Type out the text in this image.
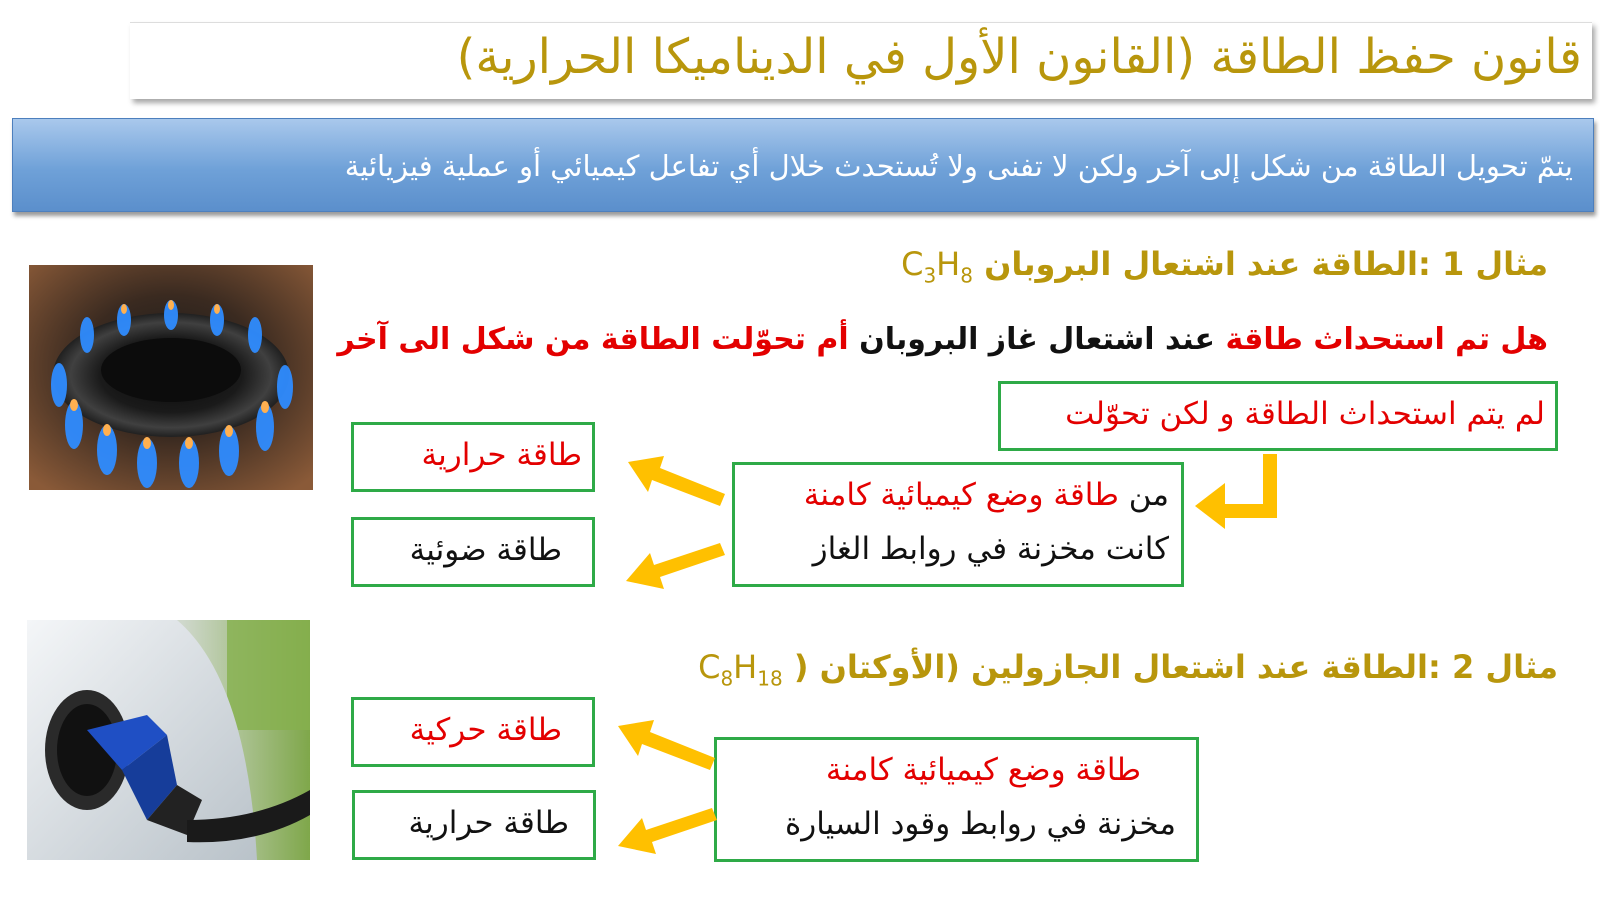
قانون حفظ الطاقة (القانون الأول في الديناميكا الحرارية)
يتمّ تحويل الطاقة من شكل إلى آخر ولكن لا تفنى ولا تُستحدث خلال أي تفاعل كيميائي أو عملية فيزيائية
مثال 1 :الطاقة عند اشتعال البروبان $C_3H_8$
هل تم استحداث طاقة عند اشتعال غاز البروبان أم تحوّلت الطاقة من شكل الى آخر
لم يتم استحداث الطاقة و لكن تحوّلت
من طاقة وضع كيميائية كامنة
كانت مخزنة في روابط الغاز
طاقة حرارية
طاقة ضوئية
مثال 2 :الطاقة عند اشتعال الجازولين (الأوكتان $C_8H_{18}$ )
طاقة وضع كيميائية كامنة
مخزنة في روابط وقود السيارة
طاقة حركية
طاقة حرارية
